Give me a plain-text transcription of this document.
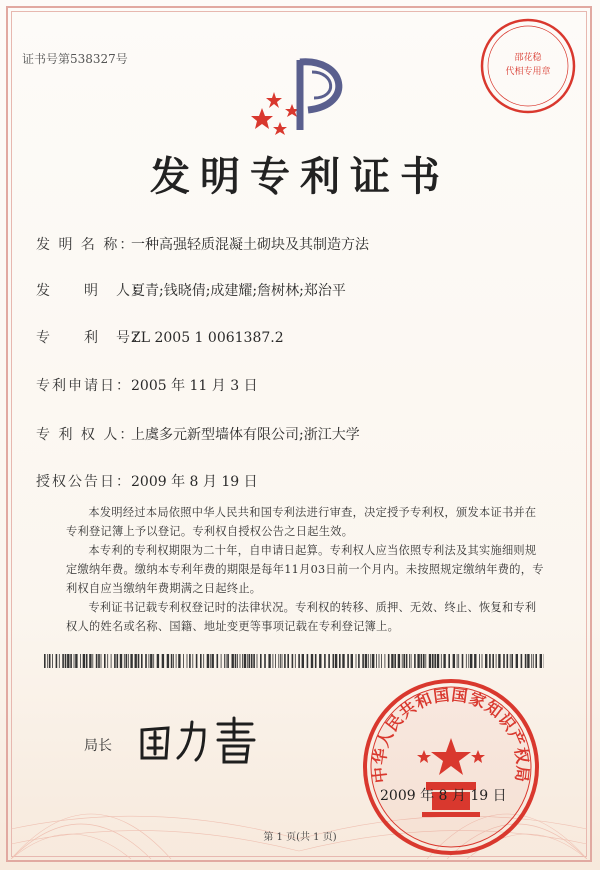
证书号第538327号	邵花稳
代相专用章
发明专利证书
发 明 名 称：一种高强轻质混凝土砌块及其制造方法
发　　明　人：夏青;钱晓倩;成建耀;詹树林;郑治平
专　　利　号：ZL 2005 1 0061387.2
专利申请日：2005 年 11 月 3 日
专 利 权 人：上虞多元新型墙体有限公司;浙江大学
授权公告日：2009 年 8 月 19 日

本发明经过本局依照中华人民共和国专利法进行审查，决定授予专利权，颁发本证书并在专利登记簿上予以登记。专利权自授权公告之日起生效。

本专利的专利权期限为二十年，自申请日起算。专利权人应当依照专利法及其实施细则规定缴纳年费。缴纳本专利年费的期限是每年11月03日前一个月内。未按照规定缴纳年费的，专利权自应当缴纳年费期满之日起终止。

专利证书记载专利权登记时的法律状况。专利权的转移、质押、无效、终止、恢复和专利权人的姓名或名称、国籍、地址变更等事项记载在专利登记簿上。

局长
中华人民共和国国家知识产权局
2009 年 8 月 19 日
第 1 页(共 1 页)
